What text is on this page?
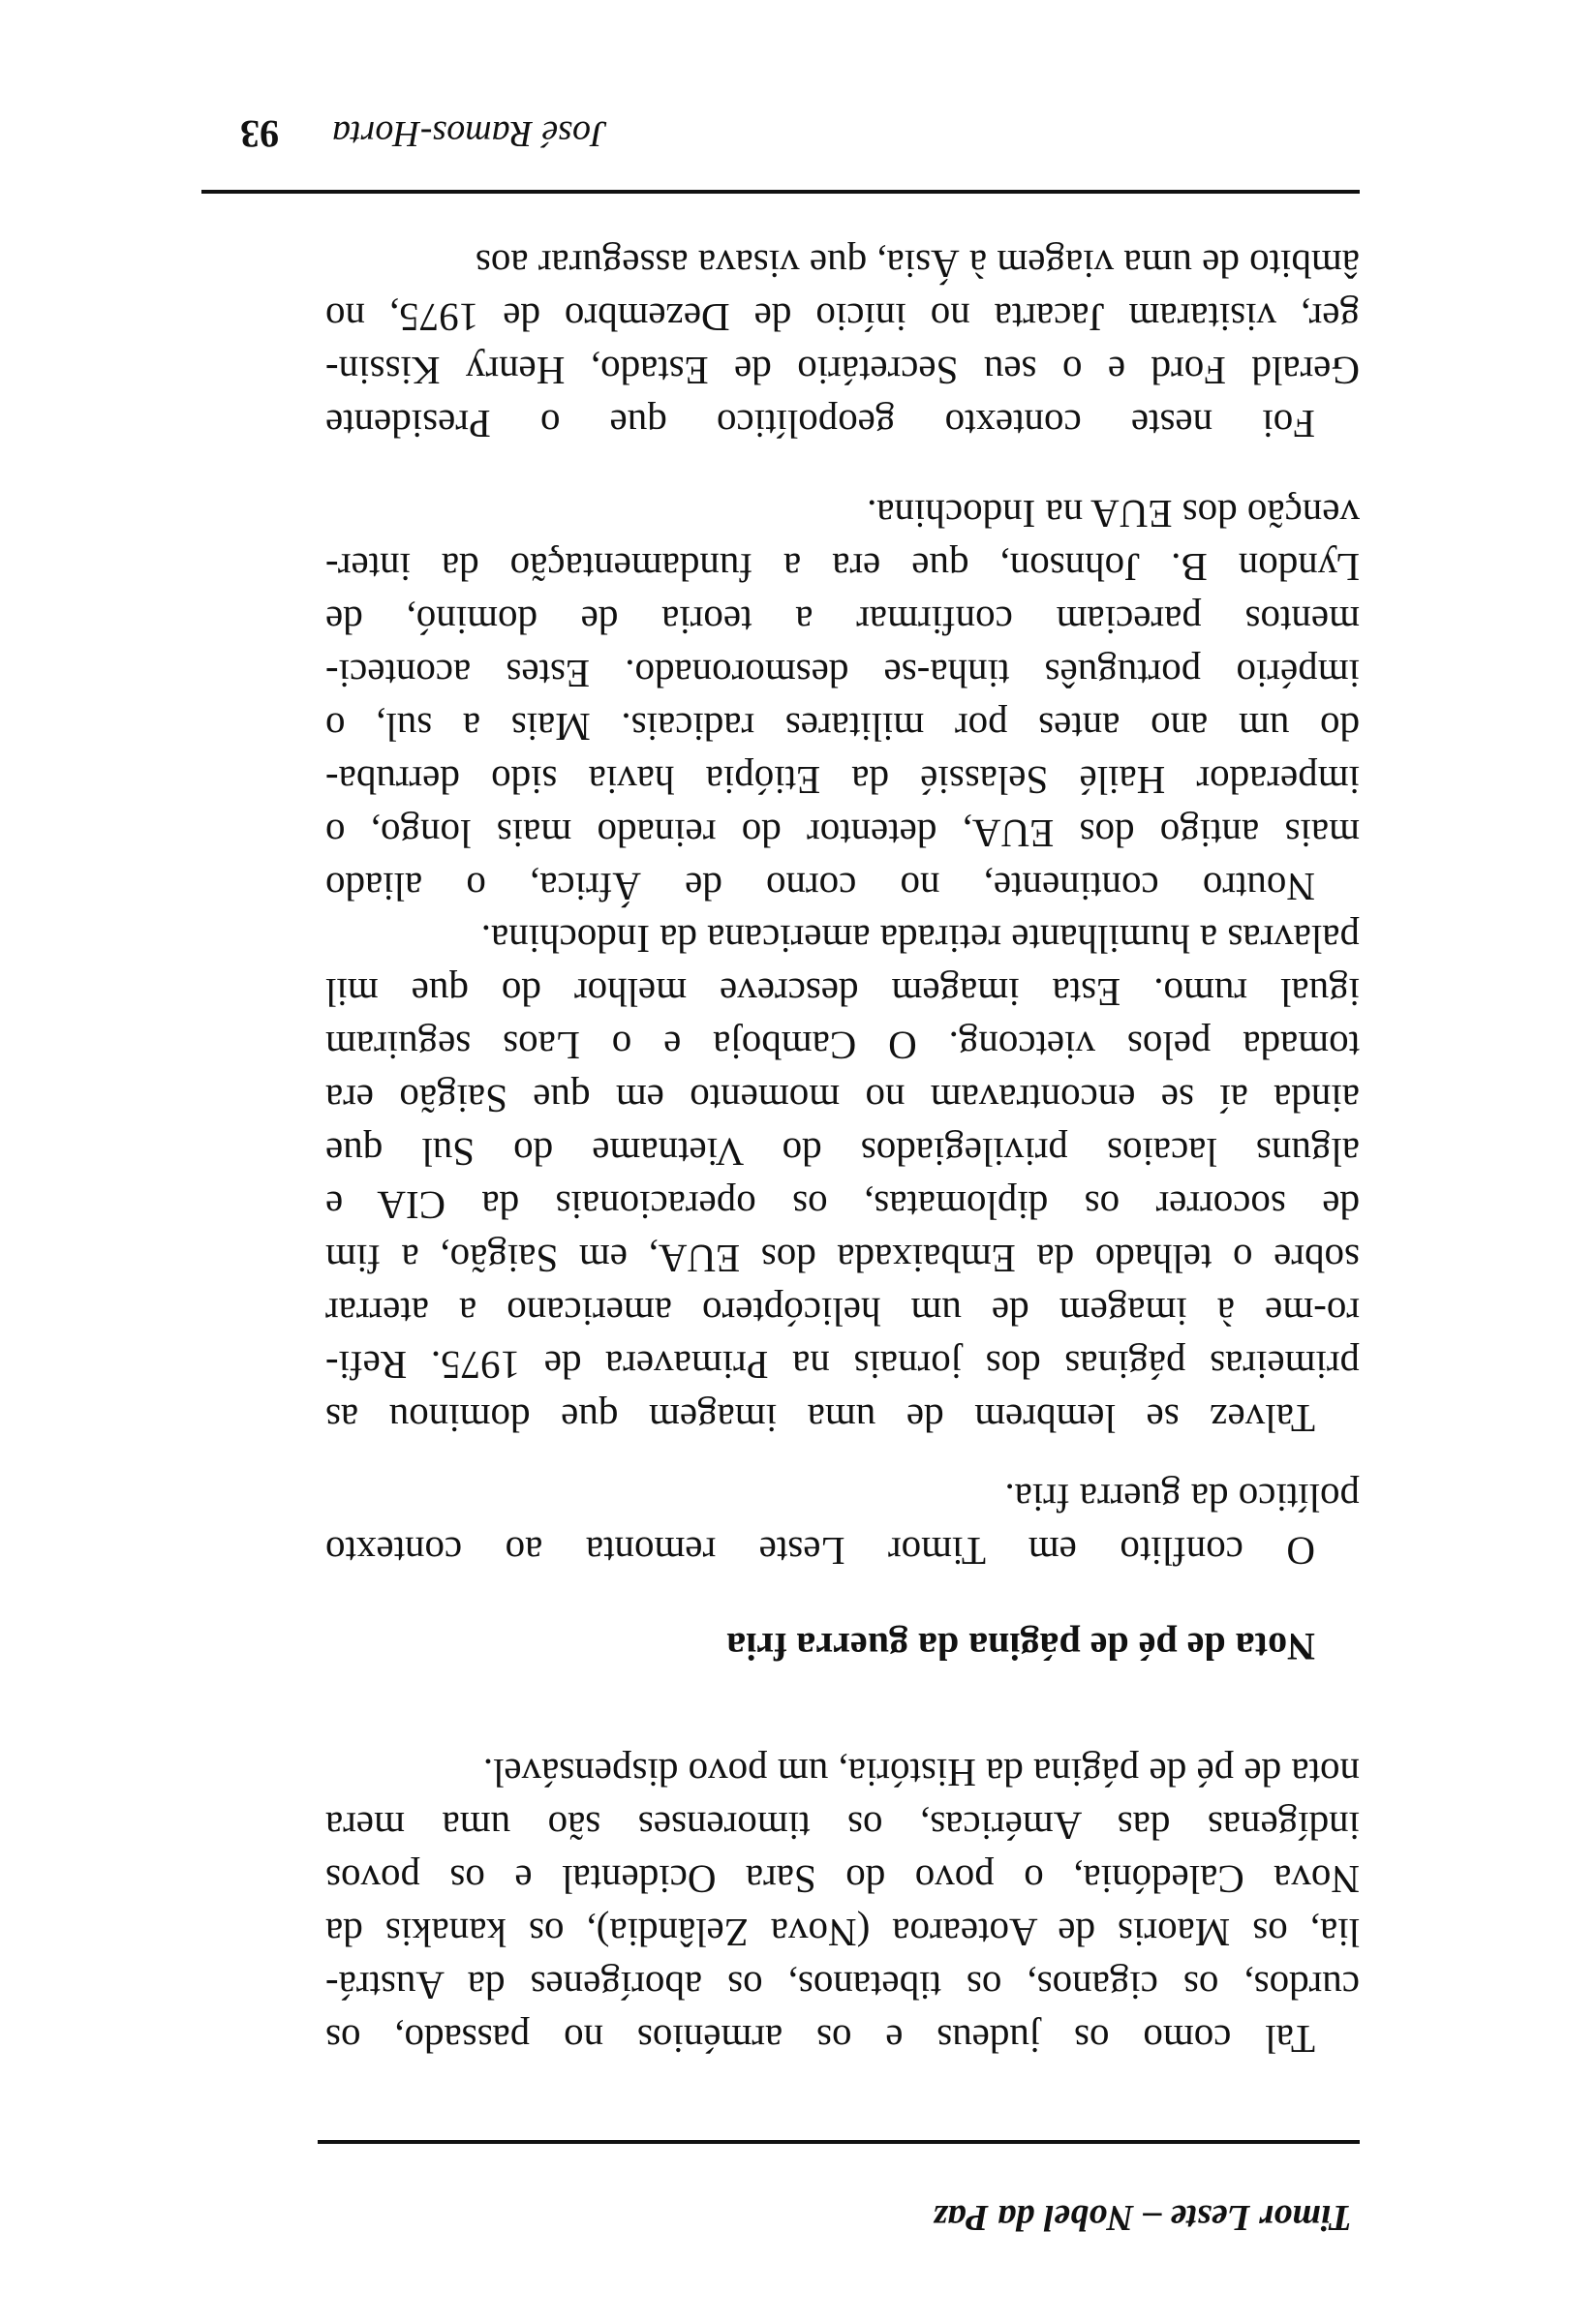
Timor Leste – Nobel da Paz
Tal como os judeus e os arménios no passado, os
curdos, os ciganos, os tibetanos, os aborígenes da Austrá-
lia, os Maoris de Aotearoa (Nova Zelândia), os kanakis da
Nova Caledónia, o povo do Sara Ocidental e os povos
indígenas das Américas, os timorenses são uma mera
nota de pé de página da História, um povo dispensável.
Nota de pé de página da guerra fria
O conflito em Timor Leste remonta ao contexto
político da guerra fria.
Talvez se lembrem de uma imagem que dominou as
primeiras páginas dos jornais na Primavera de 1975. Refi-
ro-me à imagem de um helicóptero americano a aterrar
sobre o telhado da Embaixada dos EUA, em Saigão, a fim
de socorrer os diplomatas, os operacionais da CIA e
alguns lacaios privilegiados do Vietname do Sul que
ainda aí se encontravam no momento em que Saigão era
tomada pelos vietcong. O Camboja e o Laos seguiram
igual rumo. Esta imagem descreve melhor do que mil
palavras a humilhante retirada americana da Indochina.
Noutro continente, no corno de África, o aliado
mais antigo dos EUA, detentor do reinado mais longo, o
imperador Hailé Selassié da Etiópia havia sido derruba-
do um ano antes por militares radicais. Mais a sul, o
império português tinha-se desmoronado. Estes aconteci-
mentos pareciam confirmar a teoria de dominó, de
Lyndon B. Johnson, que era a fundamentação da inter-
venção dos EUA na Indochina.
Foi neste contexto geopolítico que o Presidente
Gerald Ford e o seu Secretário de Estado, Henry Kissin-
ger, visitaram Jacarta no início de Dezembro de 1975, no
âmbito de uma viagem à Ásia, que visava assegurar aos
José Ramos-Horta
93
